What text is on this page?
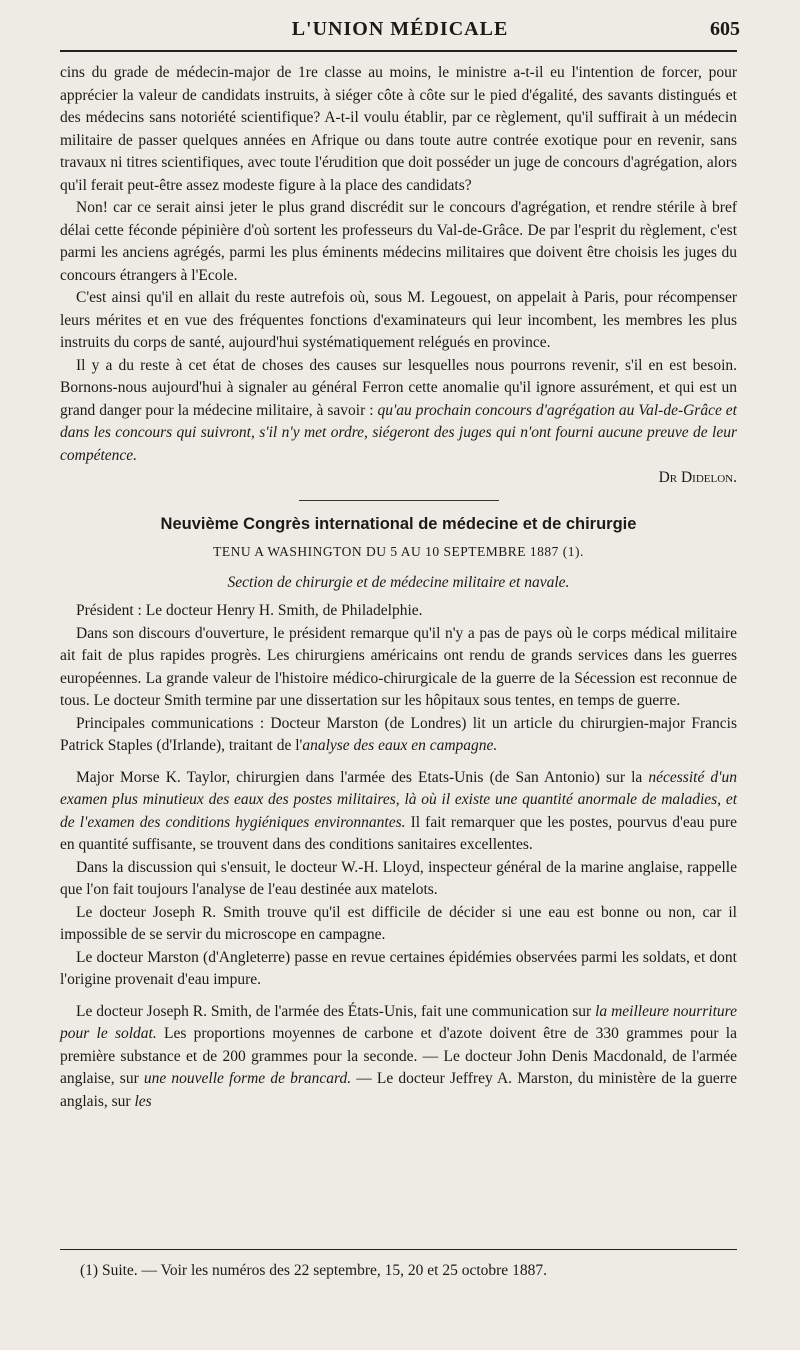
L'UNION MÉDICALE	605

cins du grade de médecin-major de 1re classe au moins, le ministre a-t-il eu l'intention de forcer, pour apprécier la valeur de candidats instruits, à siéger côte à côte sur le pied d'égalité, des savants distingués et des médecins sans notoriété scientifique? A-t-il voulu établir, par ce règlement, qu'il suffirait à un médecin militaire de passer quelques années en Afrique ou dans toute autre contrée exotique pour en revenir, sans travaux ni titres scientifiques, avec toute l'érudition que doit posséder un juge de concours d'agrégation, alors qu'il ferait peut-être assez modeste figure à la place des candidats?

Non! car ce serait ainsi jeter le plus grand discrédit sur le concours d'agrégation, et rendre stérile à bref délai cette féconde pépinière d'où sortent les professeurs du Val-de-Grâce. De par l'esprit du règlement, c'est parmi les anciens agrégés, parmi les plus éminents médecins militaires que doivent être choisis les juges du concours étrangers à l'Ecole.

C'est ainsi qu'il en allait du reste autrefois où, sous M. Legouest, on appelait à Paris, pour récompenser leurs mérites et en vue des fréquentes fonctions d'examinateurs qui leur incombent, les membres les plus instruits du corps de santé, aujourd'hui systématiquement relégués en province.

Il y a du reste à cet état de choses des causes sur lesquelles nous pourrons revenir, s'il en est besoin. Bornons-nous aujourd'hui à signaler au général Ferron cette anomalie qu'il ignore assurément, et qui est un grand danger pour la médecine militaire, à savoir : qu'au prochain concours d'agrégation au Val-de-Grâce et dans les concours qui suivront, s'il n'y met ordre, siégeront des juges qui n'ont fourni aucune preuve de leur compétence.

Dr Didelon.

Neuvième Congrès international de médecine et de chirurgie
TENU A WASHINGTON DU 5 AU 10 SEPTEMBRE 1887 (1).
Section de chirurgie et de médecine militaire et navale.

Président : Le docteur Henry H. Smith, de Philadelphie.

Dans son discours d'ouverture, le président remarque qu'il n'y a pas de pays où le corps médical militaire ait fait de plus rapides progrès. Les chirurgiens américains ont rendu de grands services dans les guerres européennes. La grande valeur de l'histoire médico-chirurgicale de la guerre de la Sécession est reconnue de tous. Le docteur Smith termine par une dissertation sur les hôpitaux sous tentes, en temps de guerre.

Principales communications : Docteur Marston (de Londres) lit un article du chirurgien-major Francis Patrick Staples (d'Irlande), traitant de l'analyse des eaux en campagne.

Major Morse K. Taylor, chirurgien dans l'armée des Etats-Unis (de San Antonio) sur la nécessité d'un examen plus minutieux des eaux des postes militaires, là où il existe une quantité anormale de maladies, et de l'examen des conditions hygiéniques environnantes. Il fait remarquer que les postes, pourvus d'eau pure en quantité suffisante, se trouvent dans des conditions sanitaires excellentes.

Dans la discussion qui s'ensuit, le docteur W.-H. Lloyd, inspecteur général de la marine anglaise, rappelle que l'on fait toujours l'analyse de l'eau destinée aux matelots.

Le docteur Joseph R. Smith trouve qu'il est difficile de décider si une eau est bonne ou non, car il impossible de se servir du microscope en campagne.

Le docteur Marston (d'Angleterre) passe en revue certaines épidémies observées parmi les soldats, et dont l'origine provenait d'eau impure.

Le docteur Joseph R. Smith, de l'armée des États-Unis, fait une communication sur la meilleure nourriture pour le soldat. Les proportions moyennes de carbone et d'azote doivent être de 330 grammes pour la première substance et de 200 grammes pour la seconde. — Le docteur John Denis Macdonald, de l'armée anglaise, sur une nouvelle forme de brancard. — Le docteur Jeffrey A. Marston, du ministère de la guerre anglais, sur les

(1) Suite. — Voir les numéros des 22 septembre, 15, 20 et 25 octobre 1887.
